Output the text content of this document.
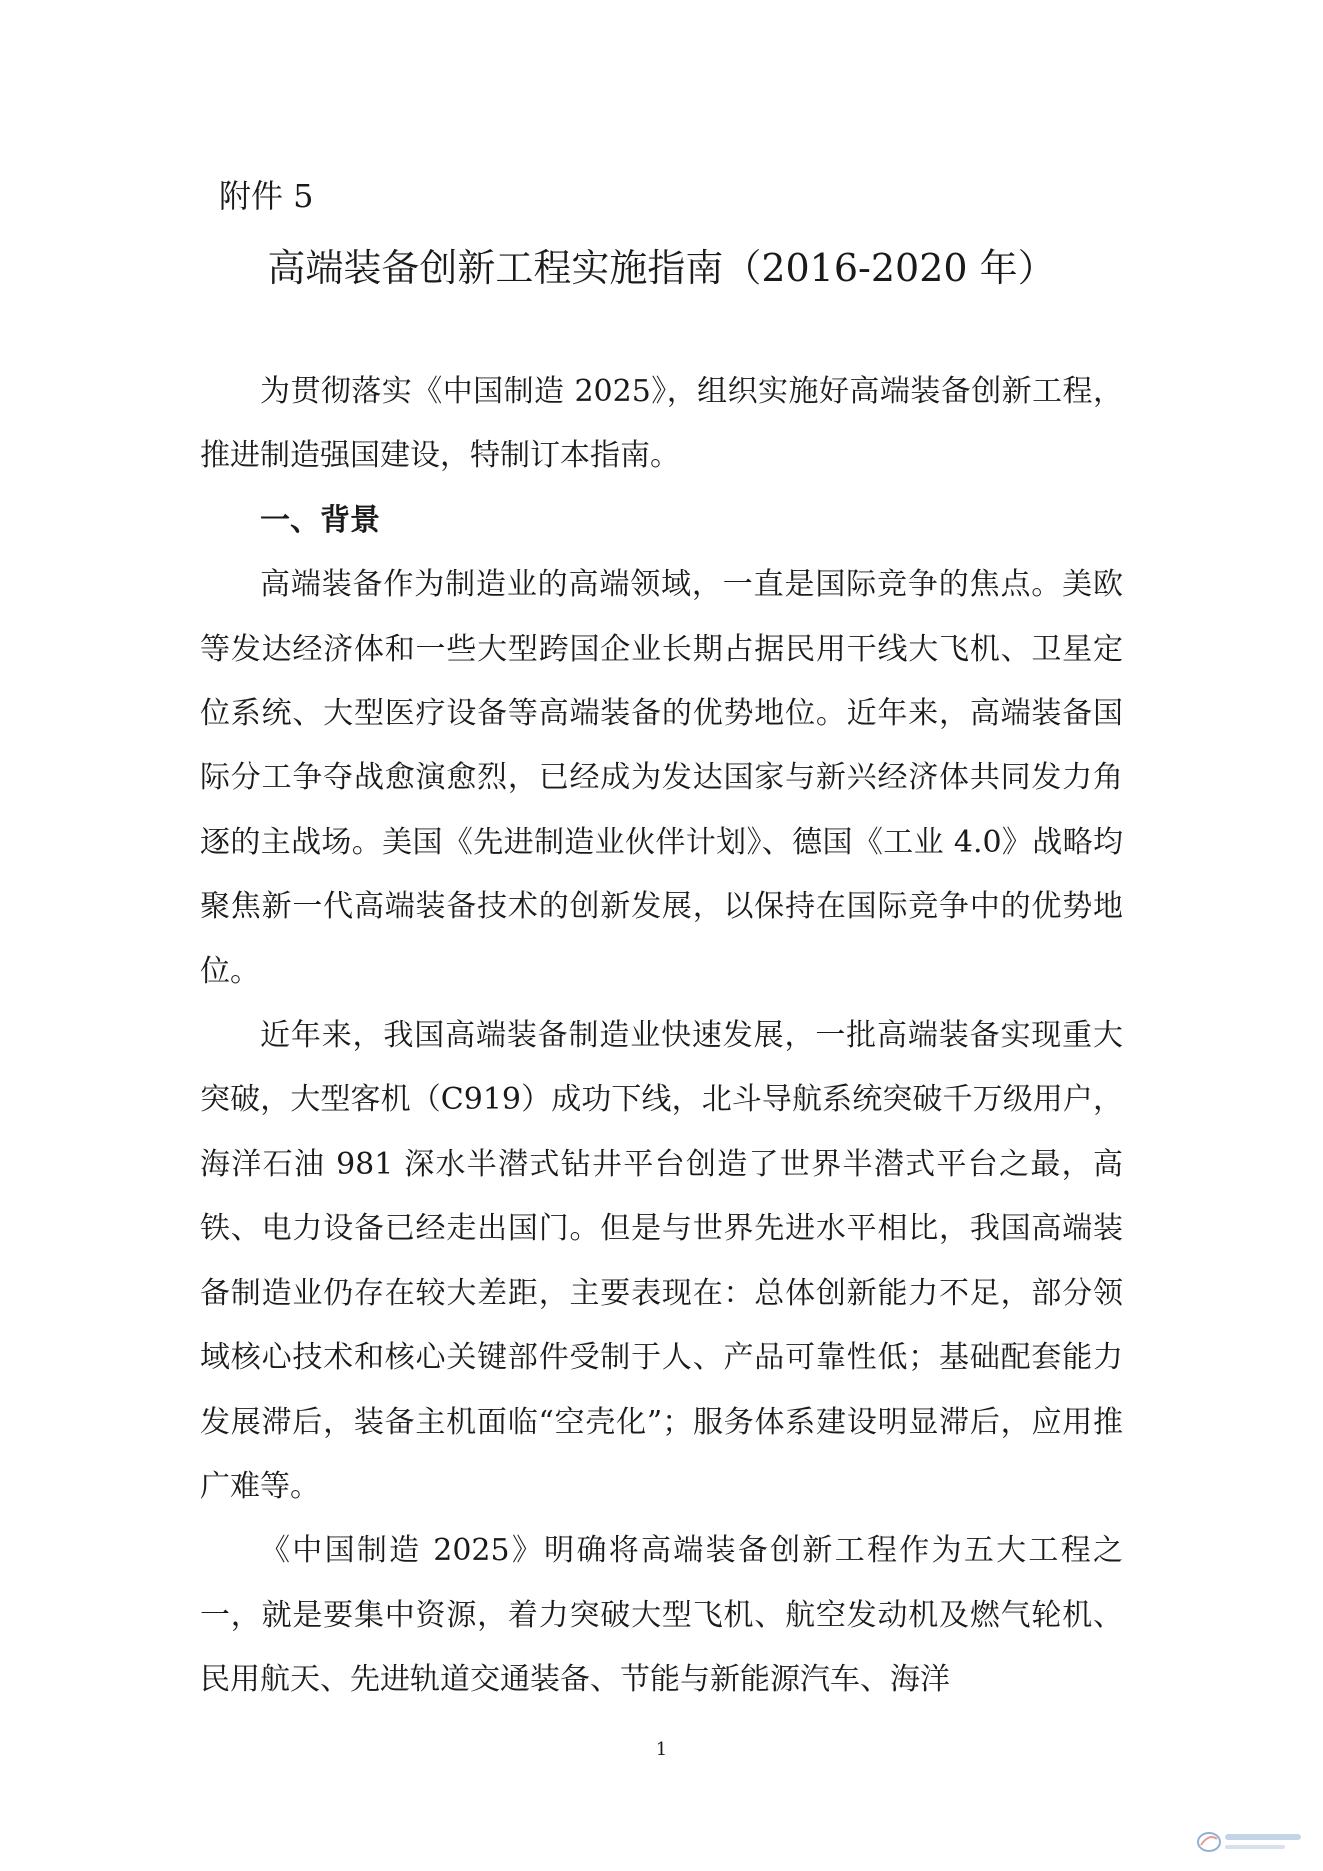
附件 5
高端装备创新工程实施指南（2016-2020 年）

为贯彻落实《中国制造 2025》，组织实施好高端装备创新工程，推进制造强国建设，特制订本指南。

一、背景

高端装备作为制造业的高端领域，一直是国际竞争的焦点。美欧等发达经济体和一些大型跨国企业长期占据民用干线大飞机、卫星定位系统、大型医疗设备等高端装备的优势地位。近年来，高端装备国际分工争夺战愈演愈烈，已经成为发达国家与新兴经济体共同发力角逐的主战场。美国《先进制造业伙伴计划》、德国《工业 4.0》战略均聚焦新一代高端装备技术的创新发展，以保持在国际竞争中的优势地位。

近年来，我国高端装备制造业快速发展，一批高端装备实现重大突破，大型客机（C919）成功下线，北斗导航系统突破千万级用户，海洋石油 981 深水半潜式钻井平台创造了世界半潜式平台之最，高铁、电力设备已经走出国门。但是与世界先进水平相比，我国高端装备制造业仍存在较大差距，主要表现在：总体创新能力不足，部分领域核心技术和核心关键部件受制于人、产品可靠性低；基础配套能力发展滞后，装备主机面临“空壳化”；服务体系建设明显滞后，应用推广难等。

《中国制造 2025》明确将高端装备创新工程作为五大工程之一，就是要集中资源，着力突破大型飞机、航空发动机及燃气轮机、民用航天、先进轨道交通装备、节能与新能源汽车、海洋

1
